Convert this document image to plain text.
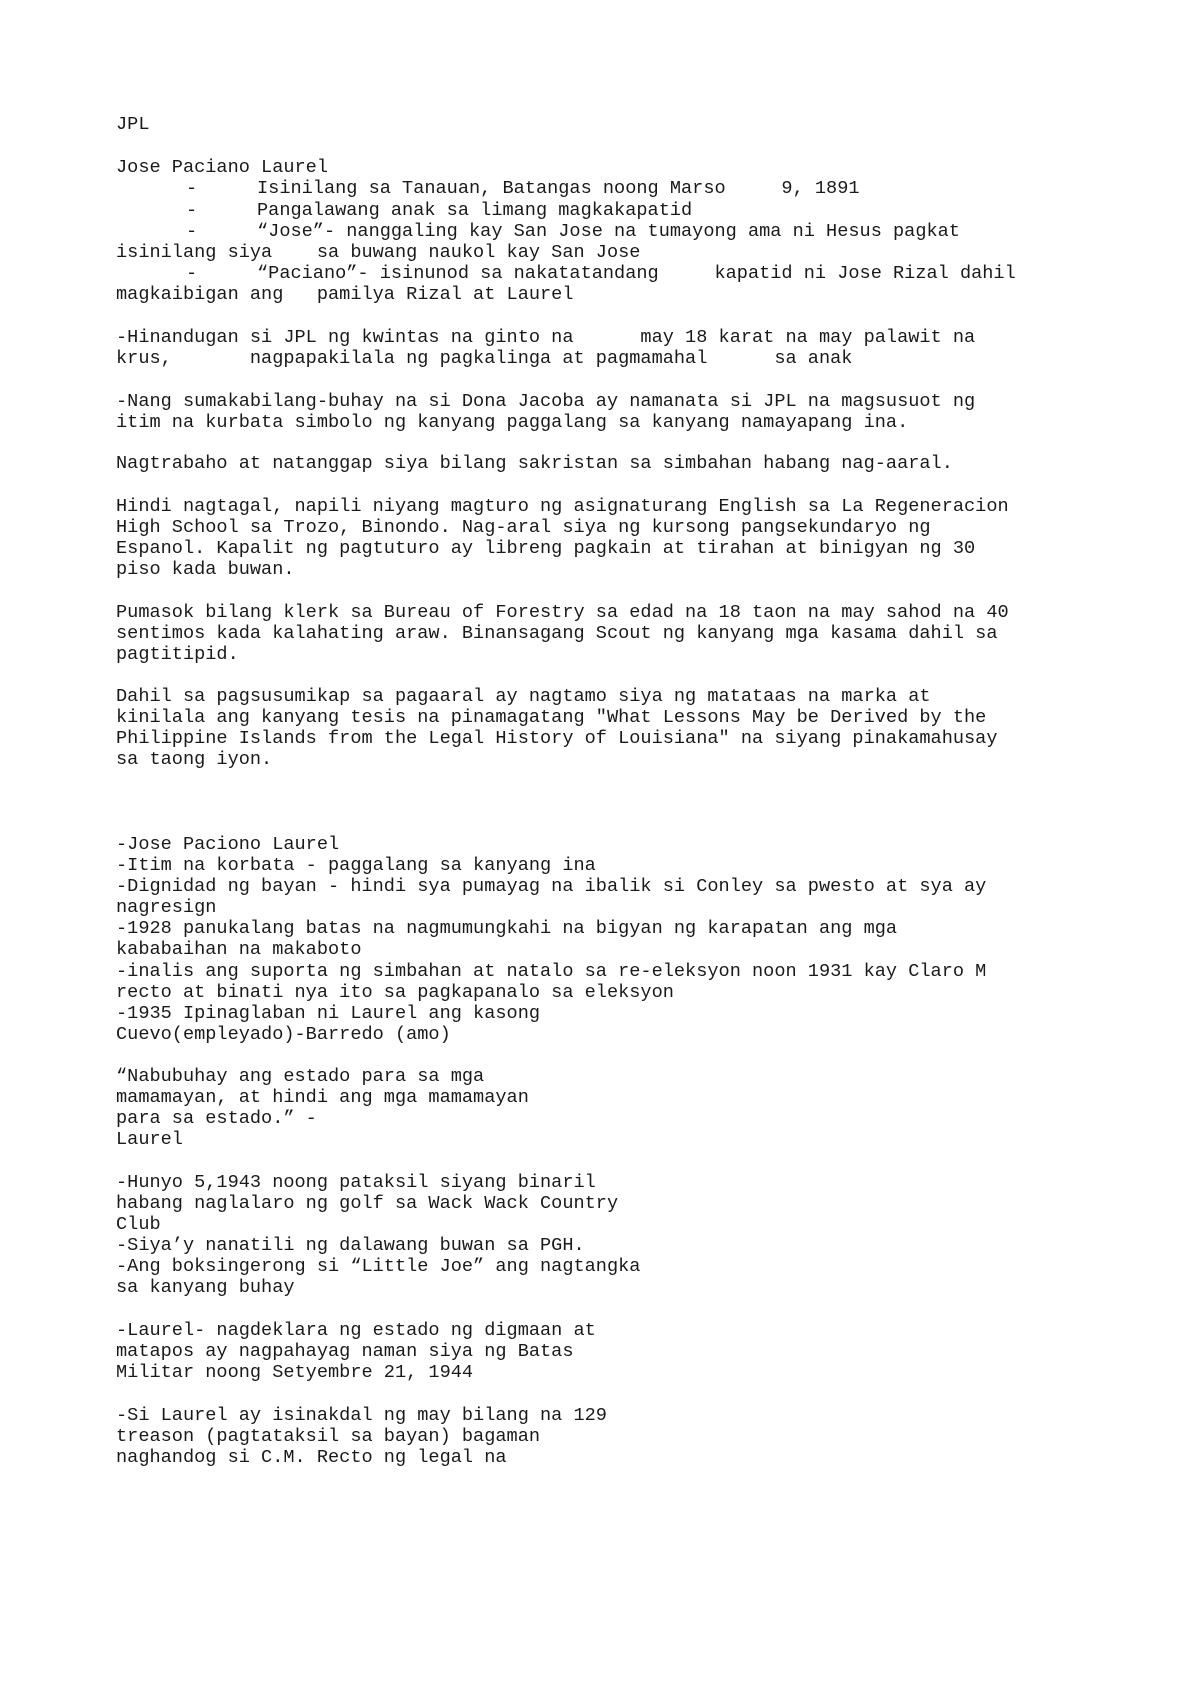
JPL
Jose Paciano Laurel
-	Isinilang sa Tanauan, Batangas noong Marso     9, 1891
-	Pangalawang anak sa limang magkakapatid
-	“Jose”- nanggaling kay San Jose na tumayong ama ni Hesus pagkat
isinilang siya    sa buwang naukol kay San Jose
-	“Paciano”- isinunod sa nakatatandang     kapatid ni Jose Rizal dahil
magkaibigan ang   pamilya Rizal at Laurel
-Hinandugan si JPL ng kwintas na ginto na      may 18 karat na may palawit na
krus,       nagpapakilala ng pagkalinga at pagmamahal      sa anak
-Nang sumakabilang-buhay na si Dona Jacoba ay namanata si JPL na magsusuot ng
itim na kurbata simbolo ng kanyang paggalang sa kanyang namayapang ina.
Nagtrabaho at natanggap siya bilang sakristan sa simbahan habang nag-aaral.
Hindi nagtagal, napili niyang magturo ng asignaturang English sa La Regeneracion
High School sa Trozo, Binondo. Nag-aral siya ng kursong pangsekundaryo ng
Espanol. Kapalit ng pagtuturo ay libreng pagkain at tirahan at binigyan ng 30
piso kada buwan.
Pumasok bilang klerk sa Bureau of Forestry sa edad na 18 taon na may sahod na 40
sentimos kada kalahating araw. Binansagang Scout ng kanyang mga kasama dahil sa
pagtitipid.
Dahil sa pagsusumikap sa pagaaral ay nagtamo siya ng matataas na marka at
kinilala ang kanyang tesis na pinamagatang "What Lessons May be Derived by the
Philippine Islands from the Legal History of Louisiana" na siyang pinakamahusay
sa taong iyon.
-Jose Paciono Laurel
-Itim na korbata - paggalang sa kanyang ina
-Dignidad ng bayan - hindi sya pumayag na ibalik si Conley sa pwesto at sya ay
nagresign
-1928 panukalang batas na nagmumungkahi na bigyan ng karapatan ang mga
kababaihan na makaboto
-inalis ang suporta ng simbahan at natalo sa re-eleksyon noon 1931 kay Claro M
recto at binati nya ito sa pagkapanalo sa eleksyon
-1935 Ipinaglaban ni Laurel ang kasong
Cuevo(empleyado)-Barredo (amo)
“Nabubuhay ang estado para sa mga
mamamayan, at hindi ang mga mamamayan
para sa estado.” -
Laurel
-Hunyo 5,1943 noong pataksil siyang binaril
habang naglalaro ng golf sa Wack Wack Country
Club
-Siya’y nanatili ng dalawang buwan sa PGH.
-Ang boksingerong si “Little Joe” ang nagtangka
sa kanyang buhay
-Laurel- nagdeklara ng estado ng digmaan at
matapos ay nagpahayag naman siya ng Batas
Militar noong Setyembre 21, 1944
-Si Laurel ay isinakdal ng may bilang na 129
treason (pagtataksil sa bayan) bagaman
naghandog si C.M. Recto ng legal na
